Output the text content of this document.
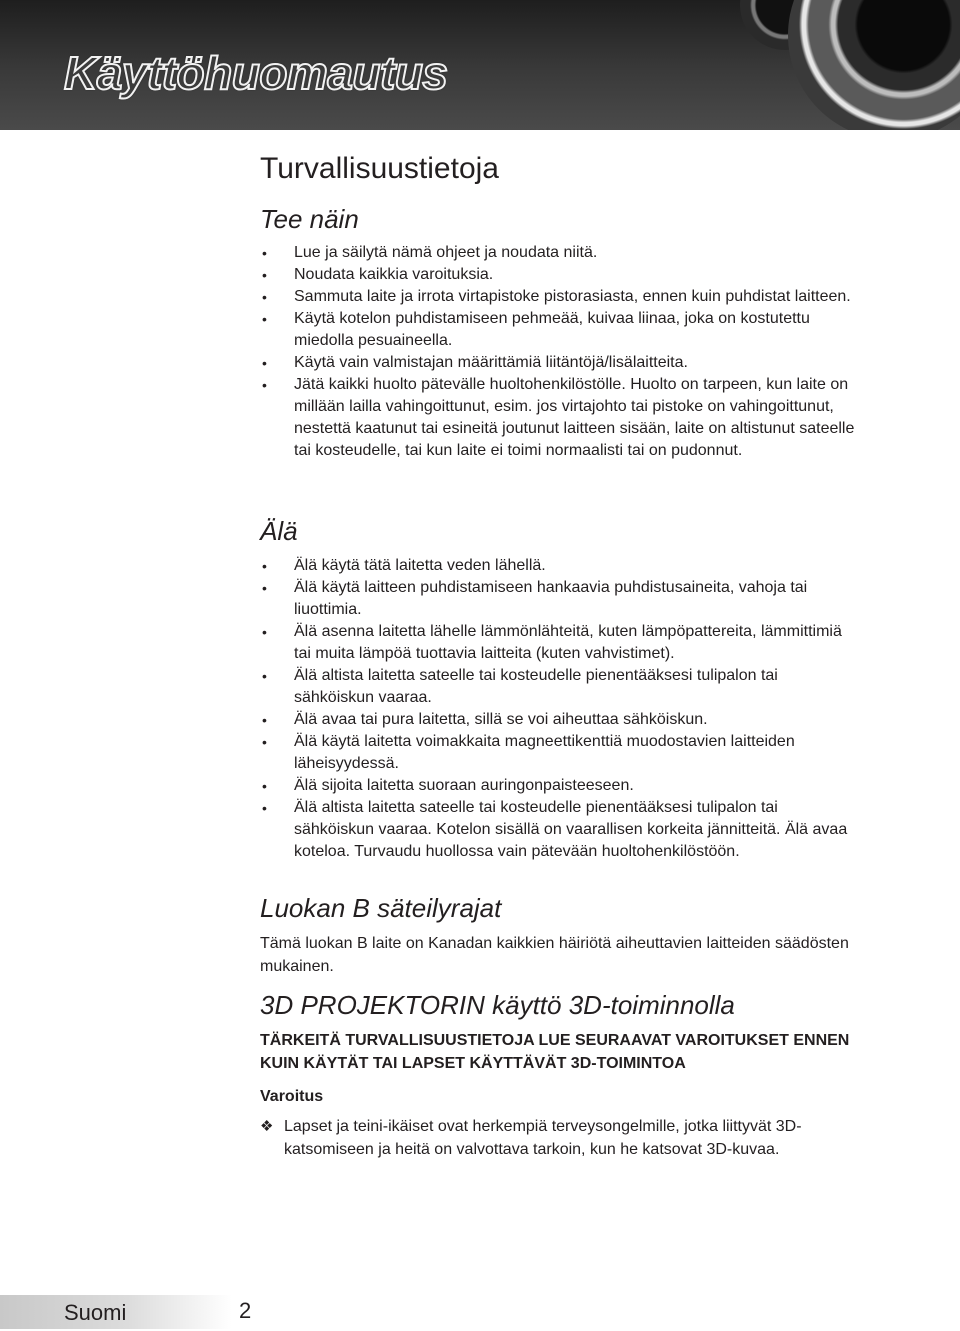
Käyttöhuomautus
Turvallisuustietoja
Tee näin
• Lue ja säilytä nämä ohjeet ja noudata niitä.
• Noudata kaikkia varoituksia.
• Sammuta laite ja irrota virtapistoke pistorasiasta, ennen kuin puhdistat laitteen.
• Käytä kotelon puhdistamiseen pehmeää, kuivaa liinaa, joka on kostutettu miedolla pesuaineella.
• Käytä vain valmistajan määrittämiä liitäntöjä/lisälaitteita.
• Jätä kaikki huolto pätevälle huoltohenkilöstölle. Huolto on tarpeen, kun laite on millään lailla vahingoittunut, esim. jos virtajohto tai pistoke on vahingoittunut, nestettä kaatunut tai esineitä joutunut laitteen sisään, laite on altistunut sateelle tai kosteudelle, tai kun laite ei toimi normaalisti tai on pudonnut.
Älä
• Älä käytä tätä laitetta veden lähellä.
• Älä käytä laitteen puhdistamiseen hankaavia puhdistusaineita, vahoja tai liuottimia.
• Älä asenna laitetta lähelle lämmönlähteitä, kuten lämpöpattereita, lämmittimiä tai muita lämpöä tuottavia laitteita (kuten vahvistimet).
• Älä altista laitetta sateelle tai kosteudelle pienentääksesi tulipalon tai sähköiskun vaaraa.
• Älä avaa tai pura laitetta, sillä se voi aiheuttaa sähköiskun.
• Älä käytä laitetta voimakkaita magneettikenttiä muodostavien laitteiden läheisyydessä.
• Älä sijoita laitetta suoraan auringonpaisteeseen.
• Älä altista laitetta sateelle tai kosteudelle pienentääksesi tulipalon tai sähköiskun vaaraa. Kotelon sisällä on vaarallisen korkeita jännitteitä. Älä avaa koteloa. Turvaudu huollossa vain pätevään huoltohenkilöstöön.
Luokan B säteilyrajat

Tämä luokan B laite on Kanadan kaikkien häiriötä aiheuttavien laitteiden säädösten mukainen.

3D PROJEKTORIN käyttö 3D-toiminnolla

TÄRKEITÄ TURVALLISUUSTIETOJA LUE SEURAAVAT VAROITUKSET ENNEN KUIN KÄYTÄT TAI LAPSET KÄYTTÄVÄT 3D-TOIMINTOA

Varoitus

❖ Lapset ja teini-ikäiset ovat herkempiä terveysongelmille, jotka liittyvät 3D-katsomiseen ja heitä on valvottava tarkoin, kun he katsovat 3D-kuvaa.
Suomi	2
